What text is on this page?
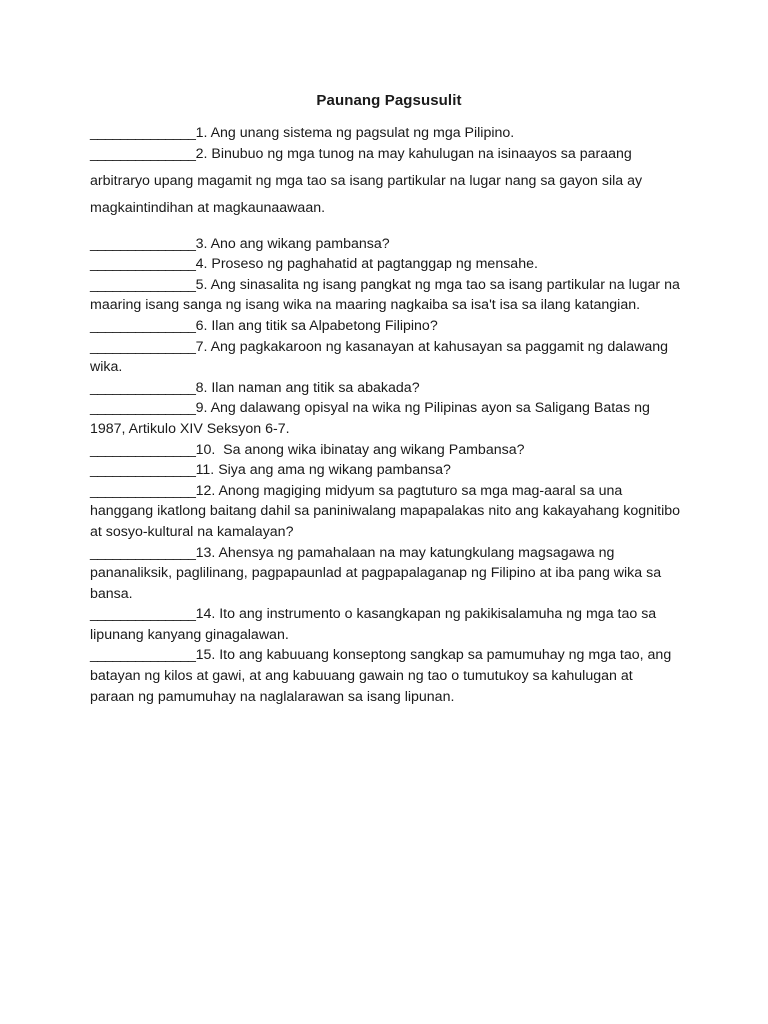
Paunang Pagsusulit

______________1. Ang unang sistema ng pagsulat ng mga Pilipino.

______________2. Binubuo ng mga tunog na may kahulugan na isinaayos sa paraang arbitraryo upang magamit ng mga tao sa isang partikular na lugar nang sa gayon sila ay magkaintindihan at magkaunaawaan.

______________3. Ano ang wikang pambansa?

______________4. Proseso ng paghahatid at pagtanggap ng mensahe.

______________5. Ang sinasalita ng isang pangkat ng mga tao sa isang partikular na lugar na maaring isang sanga ng isang wika na maaring nagkaiba sa isa't isa sa ilang katangian.

______________6. Ilan ang titik sa Alpabetong Filipino?

______________7. Ang pagkakaroon ng kasanayan at kahusayan sa paggamit ng dalawang wika.

______________8. Ilan naman ang titik sa abakada?

______________9. Ang dalawang opisyal na wika ng Pilipinas ayon sa Saligang Batas ng 1987, Artikulo XIV Seksyon 6-7.

______________10.  Sa anong wika ibinatay ang wikang Pambansa?

______________11. Siya ang ama ng wikang pambansa?

______________12. Anong magiging midyum sa pagtuturo sa mga mag-aaral sa una hanggang ikatlong baitang dahil sa paniniwalang mapapalakas nito ang kakayahang kognitibo at sosyo-kultural na kamalayan?

______________13. Ahensya ng pamahalaan na may katungkulang magsagawa ng pananaliksik, paglilinang, pagpapaunlad at pagpapalaganap ng Filipino at iba pang wika sa bansa.

______________14. Ito ang instrumento o kasangkapan ng pakikisalamuha ng mga tao sa lipunang kanyang ginagalawan.

______________15. Ito ang kabuuang konseptong sangkap sa pamumuhay ng mga tao, ang batayan ng kilos at gawi, at ang kabuuang gawain ng tao o tumutukoy sa kahulugan at paraan ng pamumuhay na naglalarawan sa isang lipunan.
